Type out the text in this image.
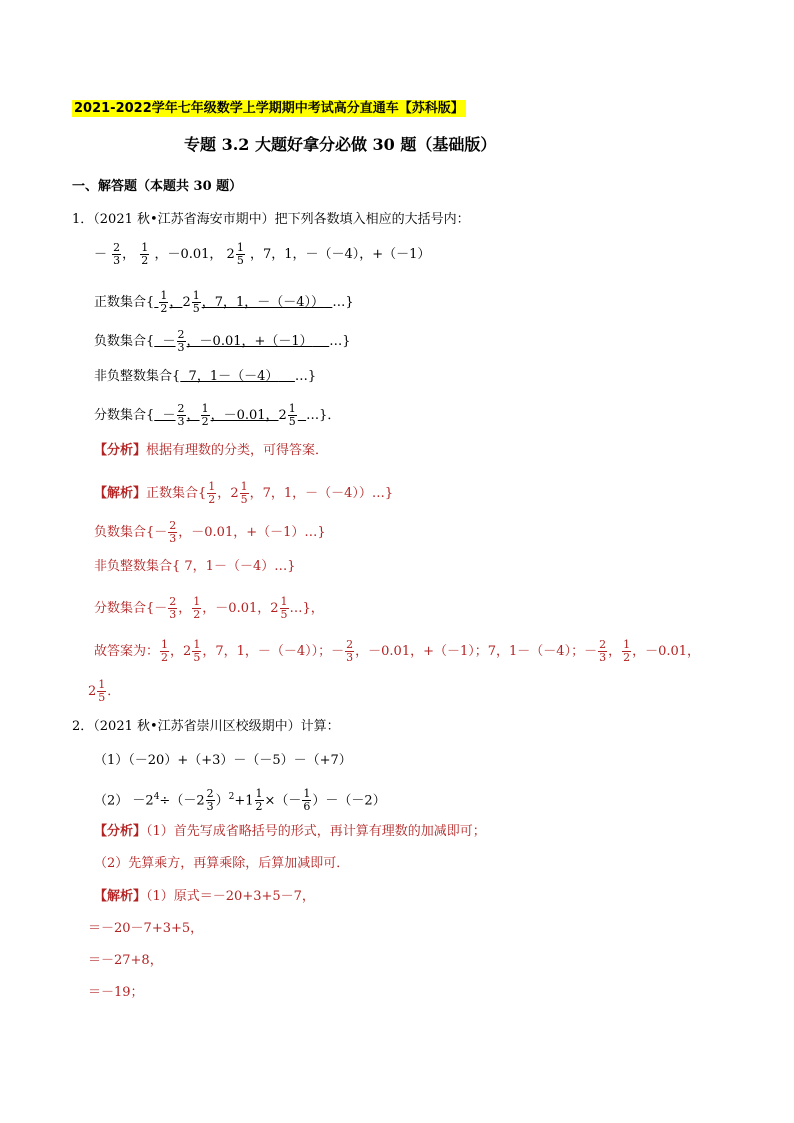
2021-2022学年七年级数学上学期期中考试高分直通车【苏科版】
专题 3.2 大题好拿分必做 30 题（基础版）
一、解答题（本题共 30 题）
1．（2021 秋•江苏省海安市期中）把下列各数填入相应的大括号内：
－ $\frac{2}{3}$ ， $\frac{1}{2}$ ，－0.01， $2 \frac{1}{5}$ ，7，1，－（－4），+（－1）
正数集合{ $\frac{1}{2}$ ， $2 \frac{1}{5}$ ，7，1，－（－4）） …}
负数集合{  － $\frac{2}{3}$ ，－0.01，+（－1） …}
非负整数集合{ 7，1－（－4） …}
分数集合{  － $\frac{2}{3}$ ， $\frac{1}{2}$ ，－0.01， $2 \frac{1}{5}$ …}．
【分析】根据有理数的分类，可得答案．
【解析】正数集合{ $\frac{1}{2}$ ， $2 \frac{1}{5}$ ，7，1，－（－4））…}
负数集合{－ $\frac{2}{3}$ ，－0.01，+（－1）…}
非负整数集合{ 7，1－（－4）…}
分数集合{－ $\frac{2}{3}$ ， $\frac{1}{2}$ ，－0.01， $2 \frac{1}{5}$ …}，
故答案为： $\frac{1}{2}$ ， $2 \frac{1}{5}$ ，7，1，－（－4））；－ $\frac{2}{3}$ ，－0.01，+（－1）；7，1－（－4）；－ $\frac{2}{3}$ ， $\frac{1}{2}$ ，－0.01，
$2 \frac{1}{5}$ ．
2．（2021 秋•江苏省崇川区校级期中）计算：
（1）（－20）+（+3）－（－5）－（+7）
$(2) -2^4\div(-2 \frac{2}{3} )^2+1 \frac{1}{2}$ ×（－ $\frac{1}{6} )-(-2)$
【分析】（1）首先写成省略括号的形式，再计算有理数的加减即可；
（2）先算乘方，再算乘除，后算加减即可．
【解析】（1）原式＝－20+3+5－7，
＝－20－7+3+5，
＝－27+8，
＝－19；
